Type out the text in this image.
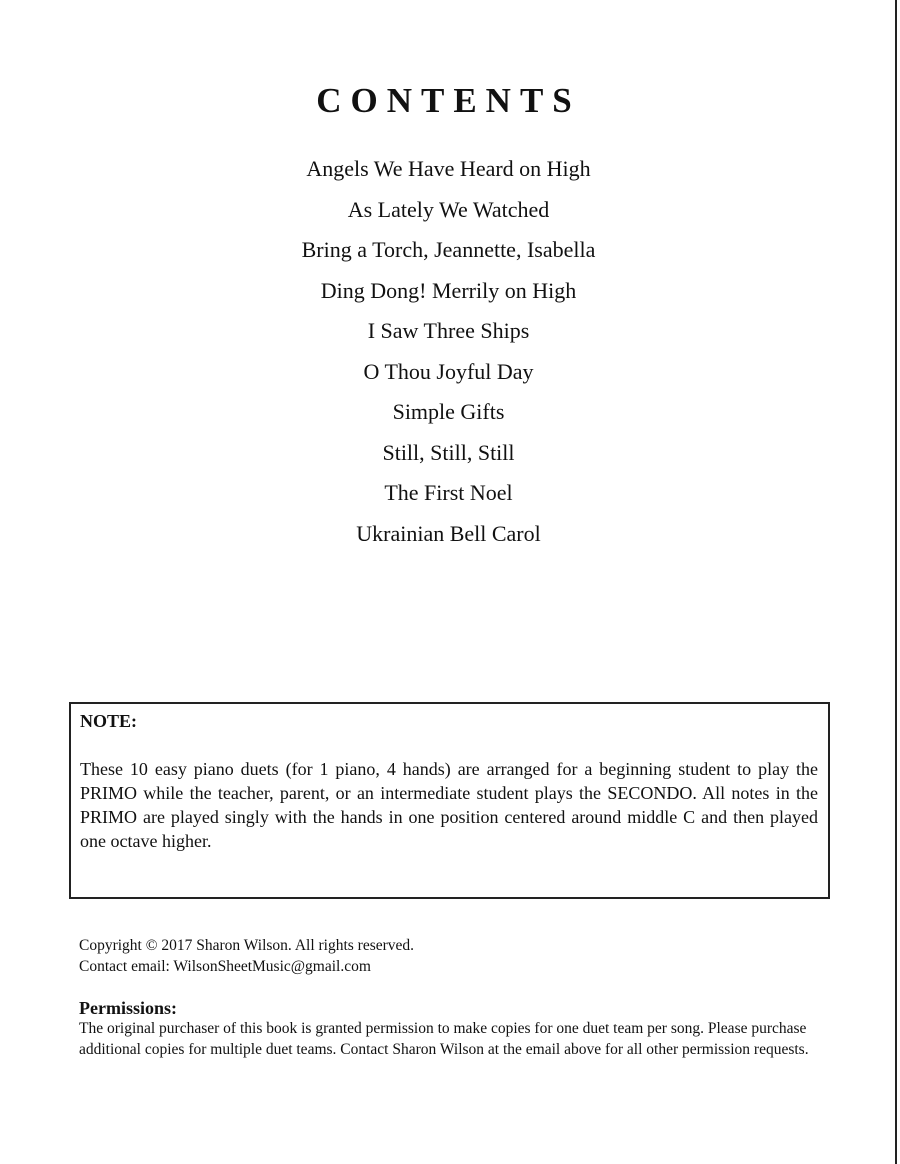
CONTENTS
Angels We Have Heard on High
As Lately We Watched
Bring a Torch, Jeannette, Isabella
Ding Dong! Merrily on High
I Saw Three Ships
O Thou Joyful Day
Simple Gifts
Still, Still, Still
The First Noel
Ukrainian Bell Carol
NOTE:

These 10 easy piano duets (for 1 piano, 4 hands) are arranged for a beginning student to play the PRIMO while the teacher, parent, or an intermediate student plays the SECONDO. All notes in the PRIMO are played singly with the hands in one position centered around middle C and then played one octave higher.

Copyright © 2017 Sharon Wilson. All rights reserved.
Contact email: WilsonSheetMusic@gmail.com
Permissions:

The original purchaser of this book is granted permission to make copies for one duet team per song. Please purchase additional copies for multiple duet teams. Contact Sharon Wilson at the email above for all other permission requests.
